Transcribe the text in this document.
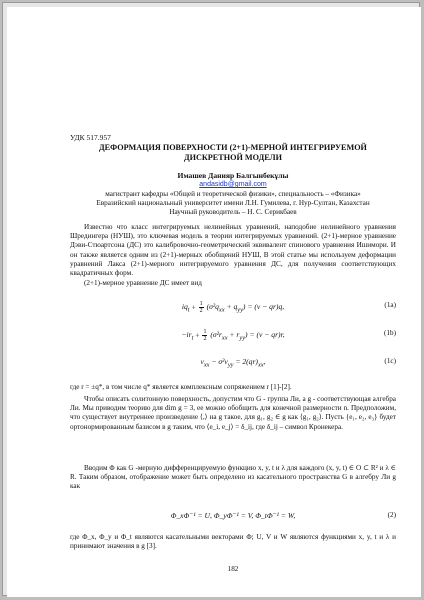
УДК 517.957
ДЕФОРМАЦИЯ ПОВЕРХНОСТИ (2+1)-МЕРНОЙ ИНТЕГРИРУЕМОЙ
ДИСКРЕТНОЙ МОДЕЛИ
Имашев Данияр Балгынбекұлы
andasidb@gmail.com
магистрант кафедры «Общей и теоретической физики», специальность – «Физика»
Евразийский национальный университет имени Л.Н. Гумилева, г. Нур-Султан, Казахстан
Научный руководитель – Н. С. Серикбаев
Известно что класс интегрируемых нелинейных уравнений, наподобие нелинейного уравнения Шредингера (НУШ), это ключевая модель в теории интегрируемых уравнений. (2+1)-мерное уравнение Дэви-Стюартсона (ДС) это калибровочно-геометрический эквивалент спинового уравнения Ишимори. И он также является одним из (2+1)-мерных обобщений НУШ, В этой статье мы используем деформации уравнений Лакса (2+1)-мерного интегрируемого уравнения ДС, для получения соответствующих квадратичных форм.
(2+1)-мерное уравнение ДС имеет вид
$iq_t + \frac{1}{2} (\sigma^2q_{xx} + q_{yy}) = (v - qr)q$,	(1a)
$-ir_t + \frac{1}{2} (\sigma^2r_{xx} + r_{yy}) = (v - qr)r$,	(1b)
$v_{xx} - \sigma^2v_{yy} = 2(qr)_{xx}$,	(1c)
где r = ±q*, в том числе q* является комплексным сопряжением r [1]-[2].
Чтобы описать солитонную поверхность, допустим что G - группа Ли, а g - соответствующая алгебра Ли. Мы приводим теорию для dim g = 3, ее можно обобщить для конечной размерности n. Предположим, что существует внутреннее произведение ⟨,⟩ на g такое, для g₁, g₂ ∈ g как ⟨g₁, g₂⟩. Пусть {e₁, e₂, e₃} будет ортонормированным базисом в g таким, что ⟨e_i, e_j⟩ = δ_ij, где δ_ij – символ Кронекера.
Вводим Φ как G -мерную дифференцируемую функцию x, y, t и λ для каждого (x, y, t) ∈ O ⊂ R² и λ ∈ R. Таким образом, отображение может быть определено из касательного пространства G в алгебру Ли g как
Φ_xΦ⁻¹ = U, Φ_yΦ⁻¹ = V, Φ_tΦ⁻¹ = W,	(2)
где Φ_x, Φ_y и Φ_t являются касательными векторами Φ; U, V и W являются функциями x, y, t и λ и принимают значения в g [3].
182
